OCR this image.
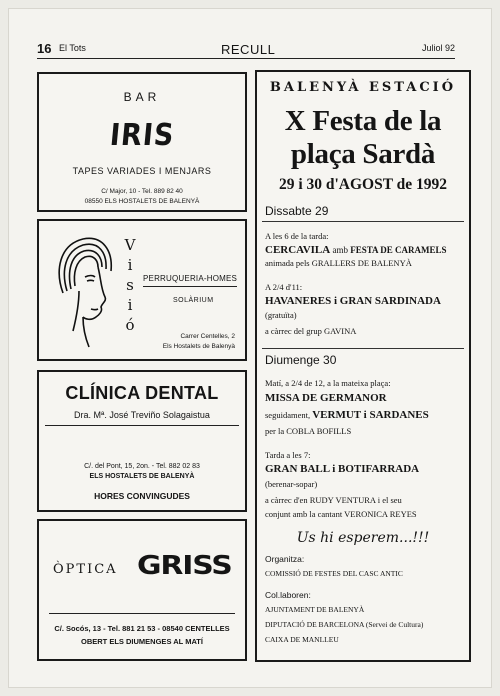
16 El Tots	RECULL	Juliol 92
BAR
IRIS
TAPES VARIADES I MENJARS
C/ Major, 10 - Tel. 889 82 40
08550 ELS HOSTALETS DE BALENYÀ
V
i
s
i
ó
PERRUQUERIA-HOMES
SOLÀRIUM
Carrer Centelles, 2
Els Hostalets de Balenyà
CLÍNICA DENTAL
Dra. Mª. José Treviño Solagaistua
C/. del Pont, 15, 2on. - Tel. 882 02 83
ELS HOSTALETS DE BALENYÀ
HORES CONVINGUDES
ÒPTICA GRISS
C/. Socós, 13 - Tel. 881 21 53 - 08540 CENTELLES
OBERT ELS DIUMENGES AL MATÍ
BALENYÀ ESTACIÓ
X Festa de la
plaça Sardà
29 i 30 d'AGOST de 1992
Dissabte 29
A les 6 de la tarda:
CERCAVILA amb FESTA DE CARAMELS
animada pels GRALLERS DE BALENYÀ
A 2/4 d'11:
HAVANERES i GRAN SARDINADA
(gratuïta)
a càrrec del grup GAVINA
Diumenge 30
Matí, a 2/4 de 12, a la mateixa plaça:
MISSA DE GERMANOR
seguidament, VERMUT i SARDANES
per la COBLA BOFILLS
Tarda a les 7:
GRAN BALL i BOTIFARRADA
(berenar-sopar)
a càrrec d'en RUDY VENTURA i el seu
conjunt amb la cantant VERONICA REYES
Us hi esperem...!!!
Organitza:
COMISSIÓ DE FESTES DEL CASC ANTIC
Col.laboren:
AJUNTAMENT DE BALENYÀ
DIPUTACIÓ DE BARCELONA (Servei de Cultura)
CAIXA DE MANLLEU
